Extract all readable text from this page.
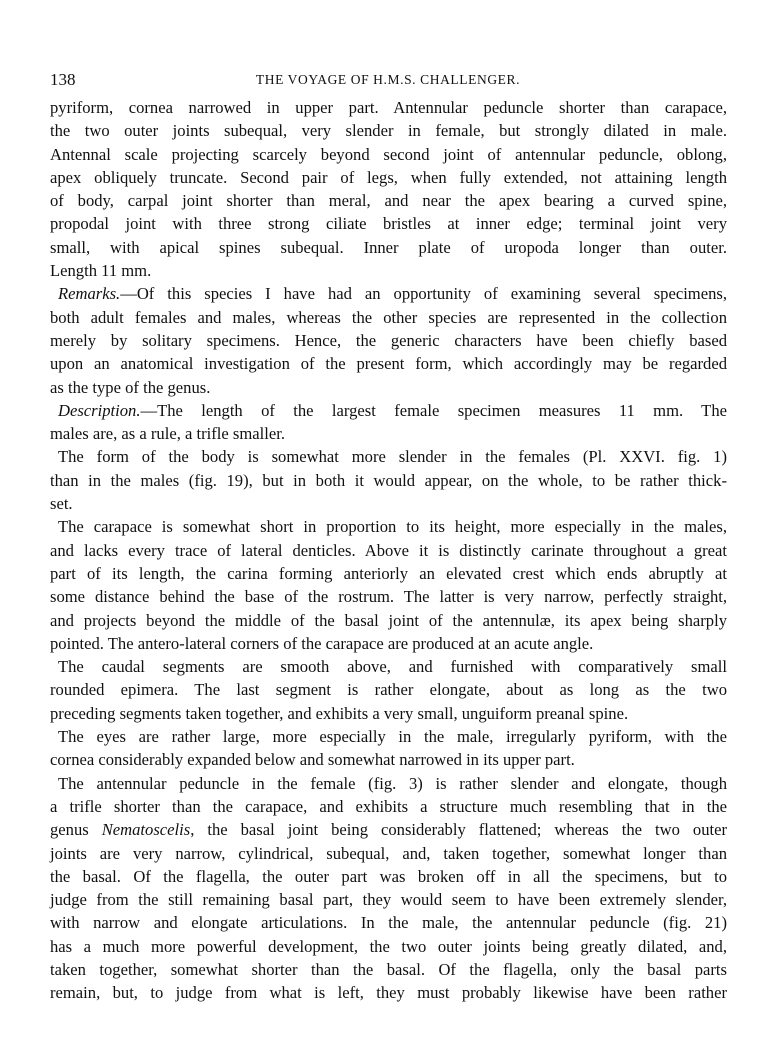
138	THE VOYAGE OF H.M.S. CHALLENGER.
pyriform, cornea narrowed in upper part. Antennular peduncle shorter than carapace,
the two outer joints subequal, very slender in female, but strongly dilated in male.
Antennal scale projecting scarcely beyond second joint of antennular peduncle, oblong,
apex obliquely truncate. Second pair of legs, when fully extended, not attaining length
of body, carpal joint shorter than meral, and near the apex bearing a curved spine,
propodal joint with three strong ciliate bristles at inner edge; terminal joint very
small, with apical spines subequal. Inner plate of uropoda longer than outer.
Length 11 mm.
Remarks.—Of this species I have had an opportunity of examining several specimens,
both adult females and males, whereas the other species are represented in the collection
merely by solitary specimens. Hence, the generic characters have been chiefly based
upon an anatomical investigation of the present form, which accordingly may be regarded
as the type of the genus.
Description.—The length of the largest female specimen measures 11 mm. The
males are, as a rule, a trifle smaller.
The form of the body is somewhat more slender in the females (Pl. XXVI. fig. 1)
than in the males (fig. 19), but in both it would appear, on the whole, to be rather thick-
set.
The carapace is somewhat short in proportion to its height, more especially in the males,
and lacks every trace of lateral denticles. Above it is distinctly carinate throughout a great
part of its length, the carina forming anteriorly an elevated crest which ends abruptly at
some distance behind the base of the rostrum. The latter is very narrow, perfectly straight,
and projects beyond the middle of the basal joint of the antennulæ, its apex being sharply
pointed. The antero-lateral corners of the carapace are produced at an acute angle.
The caudal segments are smooth above, and furnished with comparatively small
rounded epimera. The last segment is rather elongate, about as long as the two
preceding segments taken together, and exhibits a very small, unguiform preanal spine.
The eyes are rather large, more especially in the male, irregularly pyriform, with the
cornea considerably expanded below and somewhat narrowed in its upper part.
The antennular peduncle in the female (fig. 3) is rather slender and elongate, though
a trifle shorter than the carapace, and exhibits a structure much resembling that in the
genus Nematoscelis, the basal joint being considerably flattened; whereas the two outer
joints are very narrow, cylindrical, subequal, and, taken together, somewhat longer than
the basal. Of the flagella, the outer part was broken off in all the specimens, but to
judge from the still remaining basal part, they would seem to have been extremely slender,
with narrow and elongate articulations. In the male, the antennular peduncle (fig. 21)
has a much more powerful development, the two outer joints being greatly dilated, and,
taken together, somewhat shorter than the basal. Of the flagella, only the basal parts
remain, but, to judge from what is left, they must probably likewise have been rather
